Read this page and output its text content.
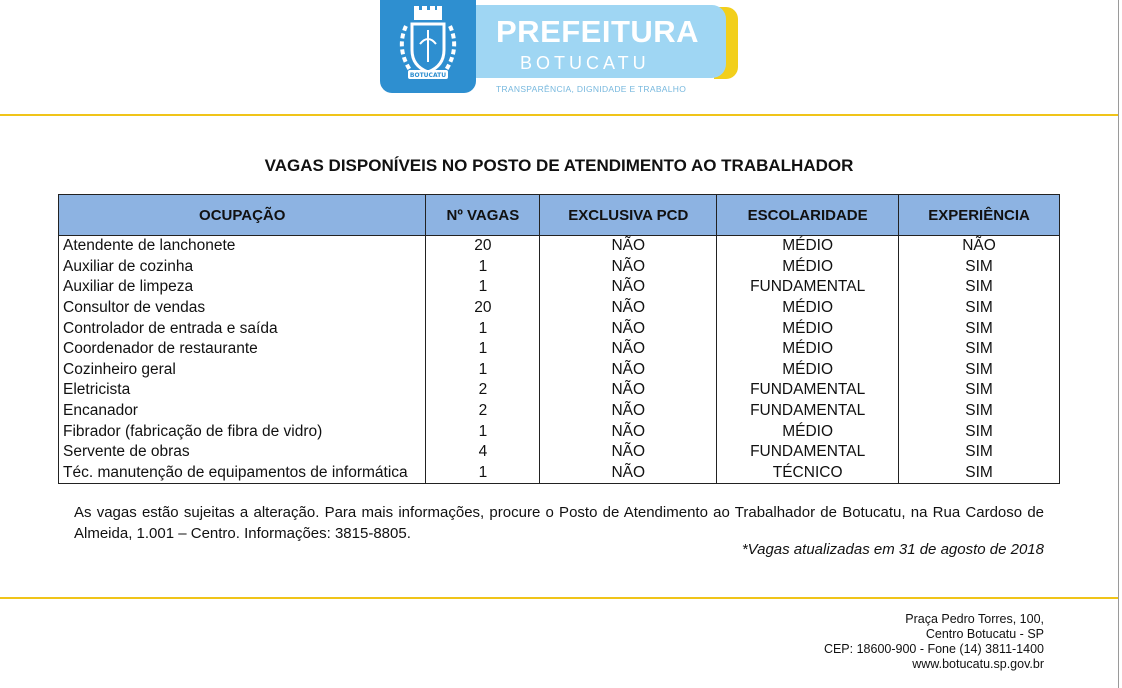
BOTUCATU
PREFEITURA
BOTUCATU
TRANSPARÊNCIA, DIGNIDADE E TRABALHO
VAGAS DISPONÍVEIS NO POSTO DE ATENDIMENTO AO TRABALHADOR
OCUPAÇÃO	Nº VAGAS	EXCLUSIVA PCD	ESCOLARIDADE	EXPERIÊNCIA
Atendente de lanchonete	20	NÃO	MÉDIO	NÃO
Auxiliar de cozinha	1	NÃO	MÉDIO	SIM
Auxiliar de limpeza	1	NÃO	FUNDAMENTAL	SIM
Consultor de vendas	20	NÃO	MÉDIO	SIM
Controlador de entrada e saída	1	NÃO	MÉDIO	SIM
Coordenador de restaurante	1	NÃO	MÉDIO	SIM
Cozinheiro geral	1	NÃO	MÉDIO	SIM
Eletricista	2	NÃO	FUNDAMENTAL	SIM
Encanador	2	NÃO	FUNDAMENTAL	SIM
Fibrador (fabricação de fibra de vidro)	1	NÃO	MÉDIO	SIM
Servente de obras	4	NÃO	FUNDAMENTAL	SIM
Téc. manutenção de equipamentos de informática	1	NÃO	TÉCNICO	SIM
As vagas estão sujeitas a alteração. Para mais informações, procure o Posto de Atendimento ao Trabalhador de Botucatu, na Rua Cardoso de Almeida, 1.001 – Centro. Informações: 3815-8805.
*Vagas atualizadas em 31 de agosto de 2018
Praça Pedro Torres, 100,
Centro Botucatu - SP
CEP: 18600-900 - Fone (14) 3811-1400
www.botucatu.sp.gov.br
